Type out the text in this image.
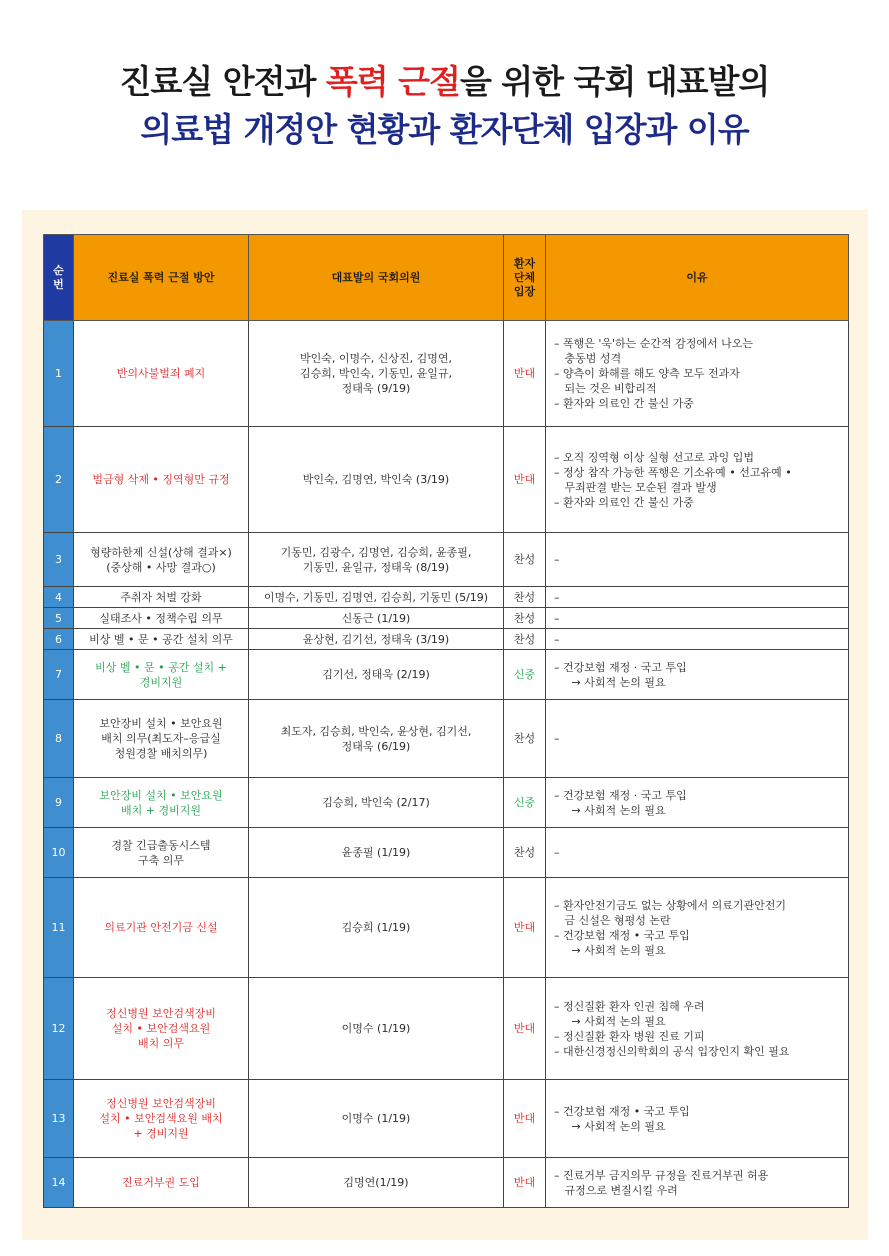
진료실 안전과 폭력 근절을 위한 국회 대표발의
의료법 개정안 현황과 환자단체 입장과 이유
순
번	진료실 폭력 근절 방안	대표발의 국회의원	환자
단체
입장	이유
1	반의사불벌죄 폐지	박인숙, 이명수, 신상진, 김명연,
김승희, 박인숙, 기동민, 윤일규,
정태욱 (9/19)	반대	– 폭행은 '욱'하는 순간적 감정에서 나오는
충동범 성격
– 양측이 화해를 해도 양측 모두 전과자
되는 것은 비합리적
– 환자와 의료인 간 불신 가중
2	벌금형 삭제 • 징역형만 규정	박인숙, 김명연, 박인숙 (3/19)	반대	– 오직 징역형 이상 실형 선고로 과잉 입법
– 정상 참작 가능한 폭행은 기소유예 • 선고유예 •
무죄판결 받는 모순된 결과 발생
– 환자와 의료인 간 불신 가중
3	형량하한제 신설(상해 결과×)
(중상해 • 사망 결과○)	기동민, 김광수, 김명연, 김승희, 윤종필,
기동민, 윤일규, 정태욱 (8/19)	찬성	–
4	주취자 처벌 강화	이명수, 기동민, 김명연, 김승희, 기동민 (5/19)	찬성	–
5	실태조사 • 정책수립 의무	신동근 (1/19)	찬성	–
6	비상 벨 • 문 • 공간 설치 의무	윤상현, 김기선, 정태욱 (3/19)	찬성	–
7	비상 벨 • 문 • 공간 설치 +
경비지원	김기선, 정태욱 (2/19)	신중	– 건강보험 재정 · 국고 투입
→ 사회적 논의 필요
8	보안장비 설치 • 보안요원
배치 의무(최도자–응급실
청원경찰 배치의무)	최도자, 김승희, 박인숙, 윤상현, 김기선,
정태욱 (6/19)	찬성	–
9	보안장비 설치 • 보안요원
배치 + 경비지원	김승희, 박인숙 (2/17)	신중	– 건강보험 재정 · 국고 투입
→ 사회적 논의 필요
10	경찰 긴급출동시스템
구축 의무	윤종필 (1/19)	찬성	–
11	의료기관 안전기금 신설	김승희 (1/19)	반대	– 환자안전기금도 없는 상황에서 의료기관안전기
금 신설은 형평성 논란
– 건강보험 재정 • 국고 투입
→ 사회적 논의 필요
12	정신병원 보안검색장비
설치 • 보안검색요원
배치 의무	이명수 (1/19)	반대	– 정신질환 환자 인권 침해 우려
→ 사회적 논의 필요
– 정신질환 환자 병원 진료 기피
– 대한신경정신의학회의 공식 입장인지 확인 필요
13	정신병원 보안검색장비
설치 • 보안검색요원 배치
+ 경비지원	이명수 (1/19)	반대	– 건강보험 재정 • 국고 투입
→ 사회적 논의 필요
14	진료거부권 도입	김명연(1/19)	반대	– 진료거부 금지의무 규정을 진료거부권 허용
규정으로 변질시킬 우려
